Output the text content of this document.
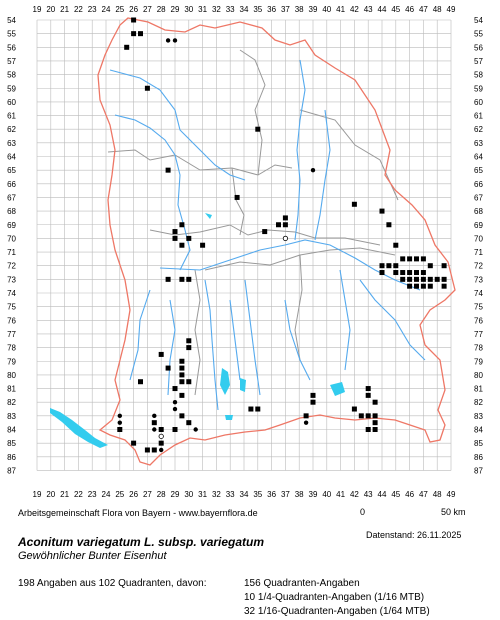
19
19
20
20
21
21
22
22
23
23
24
24
25
25
26
26
27
27
28
28
29
29
30
30
31
31
32
32
33
33
34
34
35
35
36
36
37
37
38
38
39
39
40
40
41
41
42
42
43
43
44
44
45
45
46
46
47
47
48
48
49
49
54	54
55	55
56	56
57	57
58	58
59	59
60	60
61	61
62	62
63	63
64	64
65	65
66	66
67	67
68	68
69	69
70	70
71	71
72	72
73	73
74	74
75	75
76	76
77	77
78	78
79	79
80	80
81	81
82	82
83	83
84	84
85	85
86	86
87	87
Arbeitsgemeinschaft Flora von Bayern - www.bayernflora.de	0	50 km
Datenstand: 26.11.2025
Aconitum variegatum L. subsp. variegatum
Gewöhnlicher Bunter Eisenhut
198 Angaben aus 102 Quadranten, davon:	156 Quadranten-Angaben
10 1/4-Quadranten-Angaben (1/16 MTB)
32 1/16-Quadranten-Angaben (1/64 MTB)
